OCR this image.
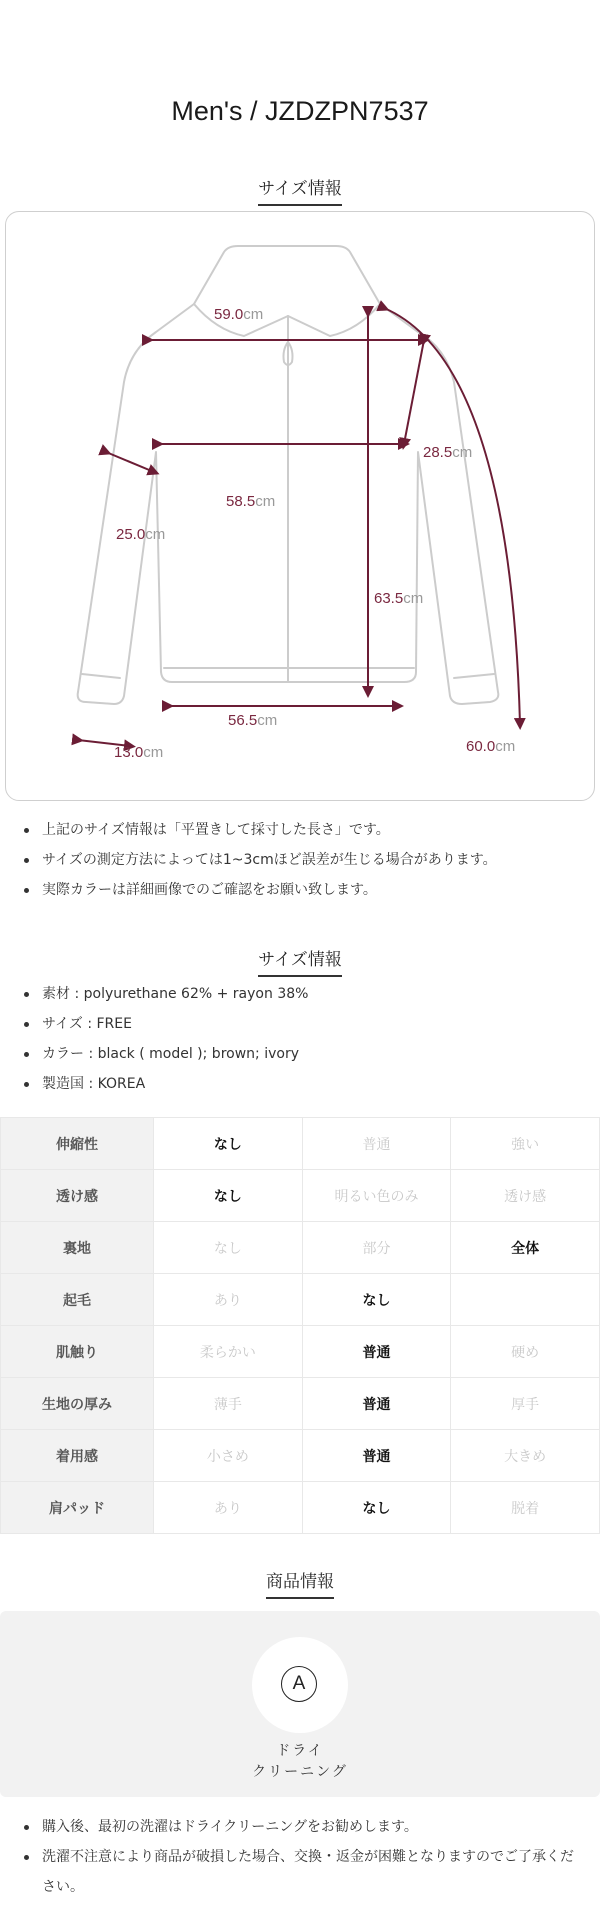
Men's / JZDZPN7537
サイズ情報
59.0cm
28.5cm
58.5cm
25.0cm
63.5cm
56.5cm
13.0cm	60.0cm
上記のサイズ情報は「平置きして採寸した長さ」です。
サイズの測定方法によっては1~3cmほど誤差が生じる場合があります。
実際カラーは詳細画像でのご確認をお願い致します。
サイズ情報
素材 : polyurethane 62% + rayon 38%
サイズ : FREE
カラー : black ( model ); brown; ivory
製造国 : KOREA
伸縮性	なし	普通	強い
透け感	なし	明るい色のみ	透け感
裏地	なし	部分	全体
起毛	あり	なし	
肌触り	柔らかい	普通	硬め
生地の厚み	薄手	普通	厚手
着用感	小さめ	普通	大きめ
肩パッド	あり	なし	脱着
商品情報
A
ドライ
クリーニング
購入後、最初の洗濯はドライクリーニングをお勧めします。
洗濯不注意により商品が破損した場合、交換・返金が困難となりますのでご了承ください。
